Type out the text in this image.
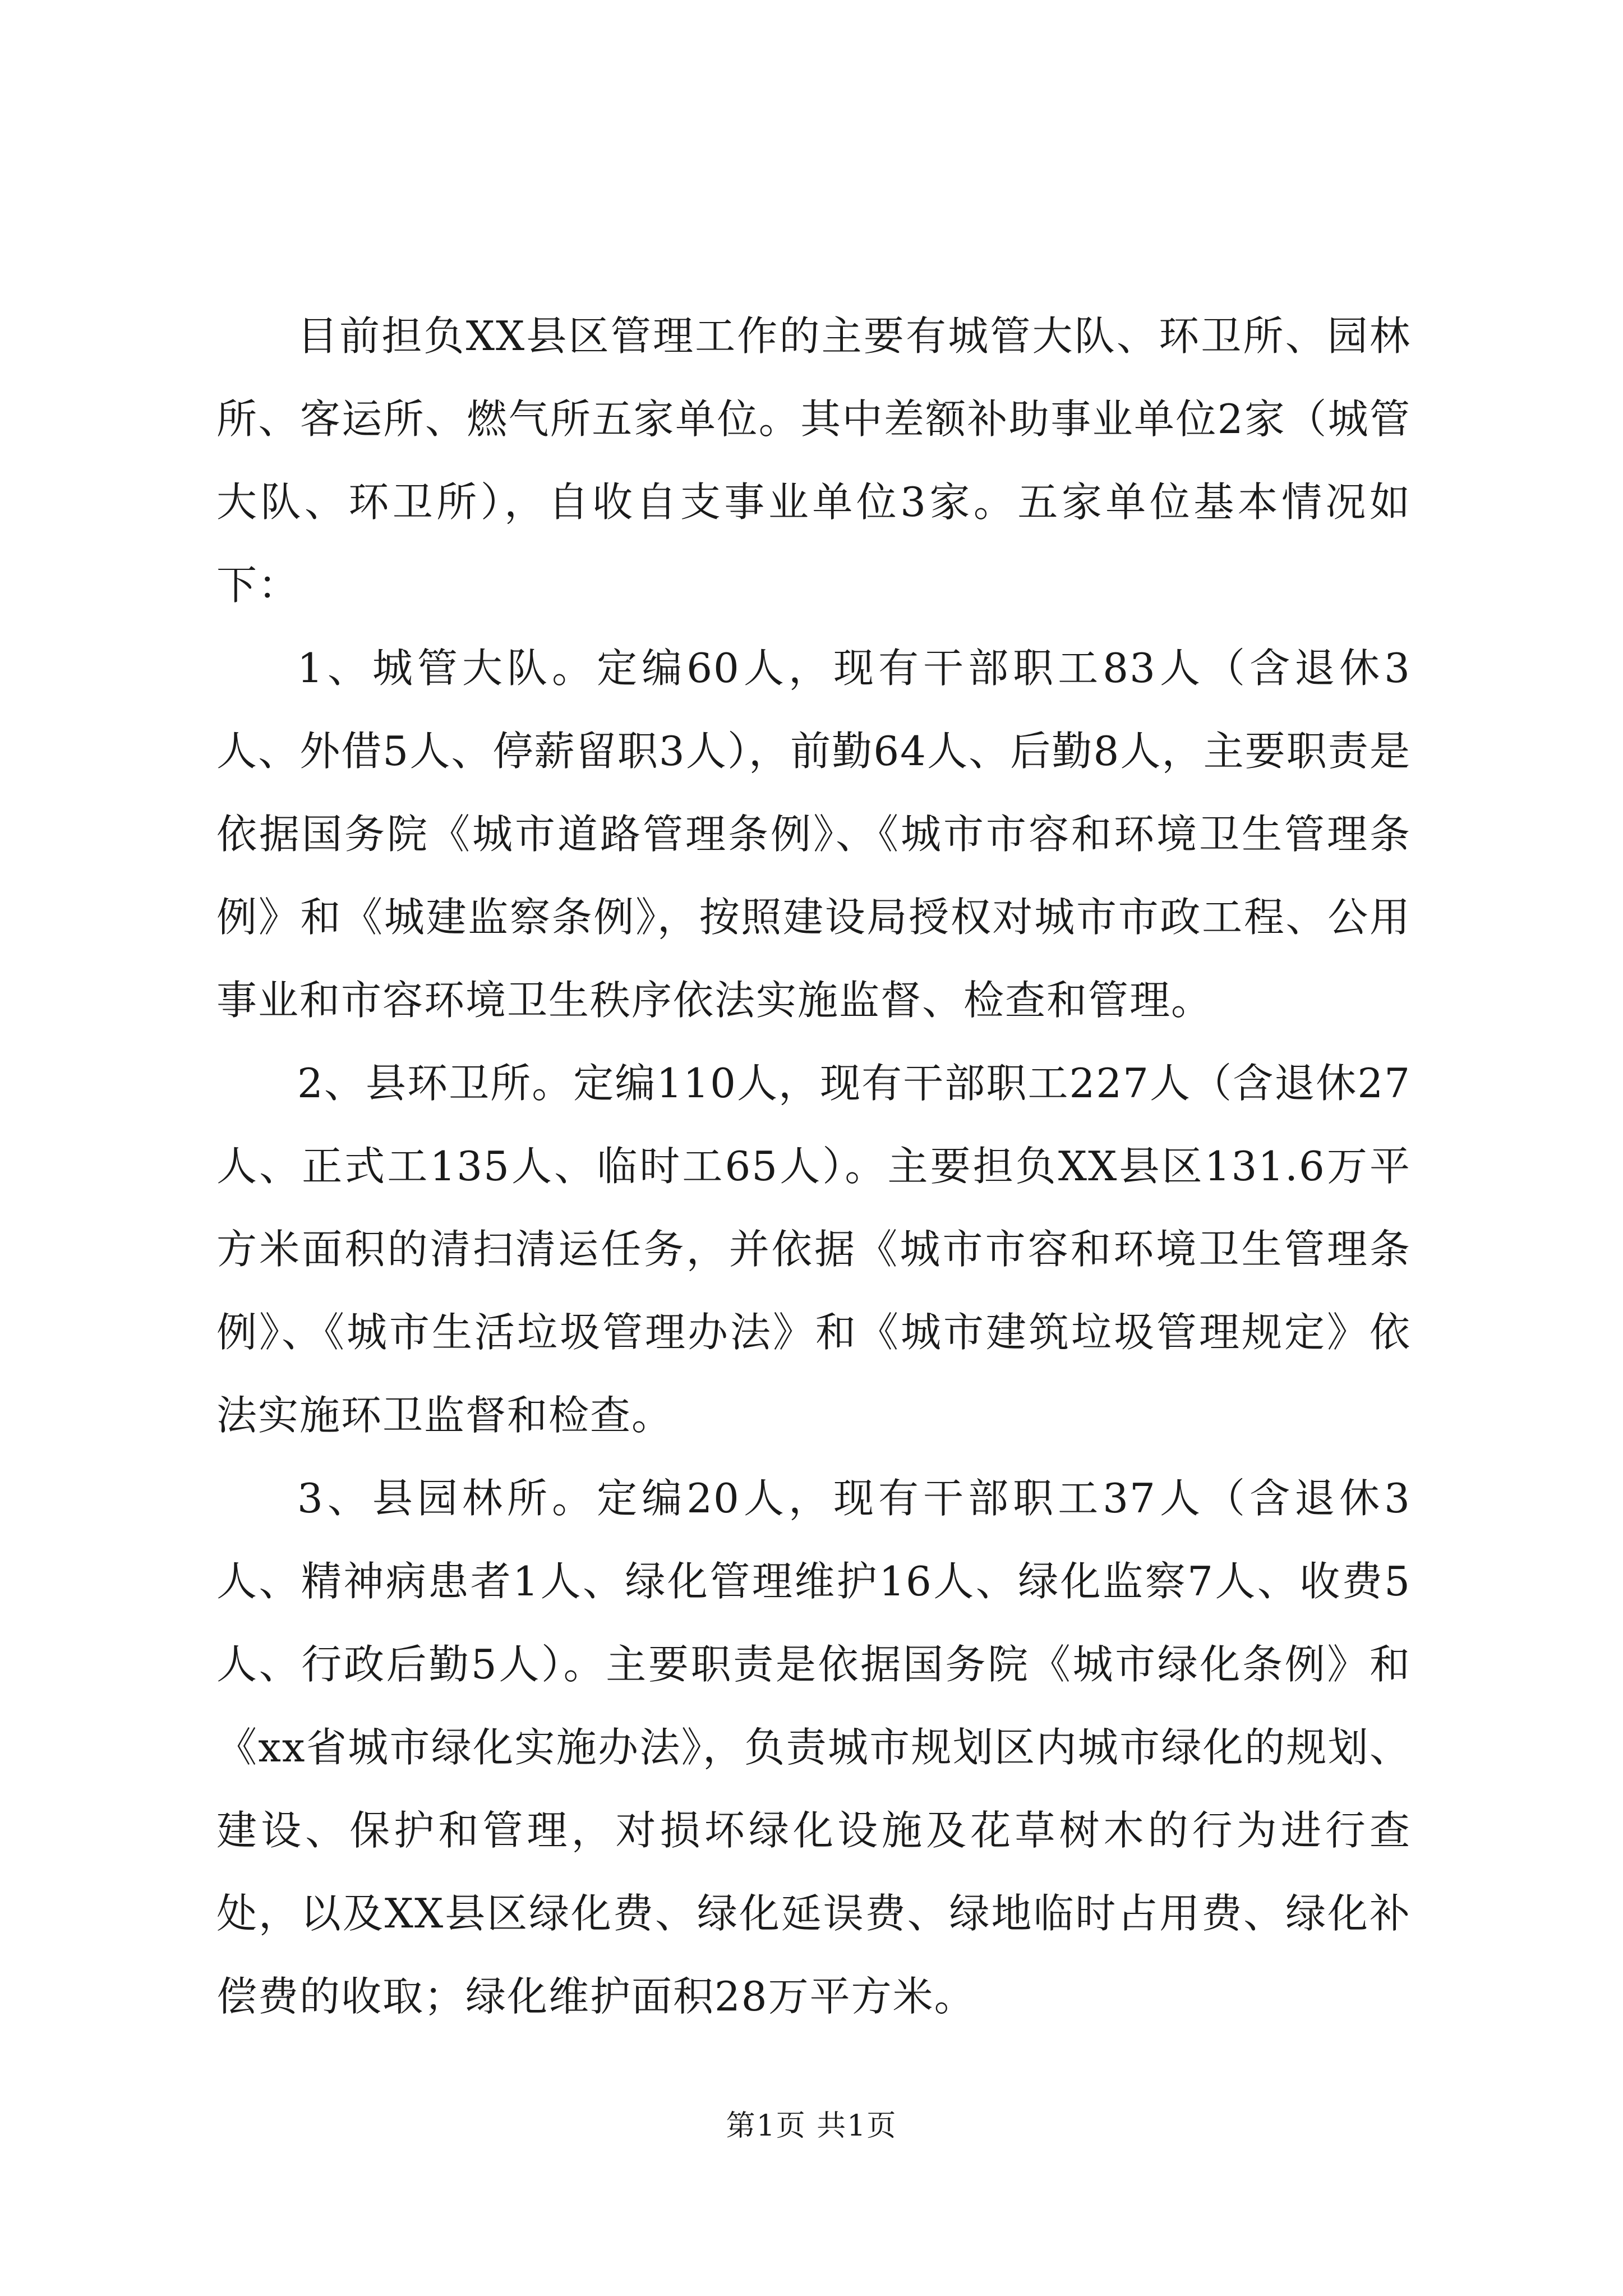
目前担负XX县区管理工作的主要有城管大队、环卫所、园林所、客运所、燃气所五家单位。其中差额补助事业单位2家（城管大队、环卫所），自收自支事业单位3家。五家单位基本情况如下：

1、城管大队。定编60人，现有干部职工83人（含退休3人、外借5人、停薪留职3人），前勤64人、后勤8人，主要职责是依据国务院《城市道路管理条例》、《城市市容和环境卫生管理条例》和《城建监察条例》，按照建设局授权对城市市政工程、公用事业和市容环境卫生秩序依法实施监督、检查和管理。

2、县环卫所。定编110人，现有干部职工227人（含退休27人、正式工135人、临时工65人）。主要担负XX县区131.6万平方米面积的清扫清运任务，并依据《城市市容和环境卫生管理条例》、《城市生活垃圾管理办法》和《城市建筑垃圾管理规定》依法实施环卫监督和检查。

3、县园林所。定编20人，现有干部职工37人（含退休3人、精神病患者1人、绿化管理维护16人、绿化监察7人、收费5人、行政后勤5人）。主要职责是依据国务院《城市绿化条例》和《xx省城市绿化实施办法》，负责城市规划区内城市绿化的规划、建设、保护和管理，对损坏绿化设施及花草树木的行为进行查处，以及XX县区绿化费、绿化延误费、绿地临时占用费、绿化补偿费的收取；绿化维护面积28万平方米。

第1页 共1页
